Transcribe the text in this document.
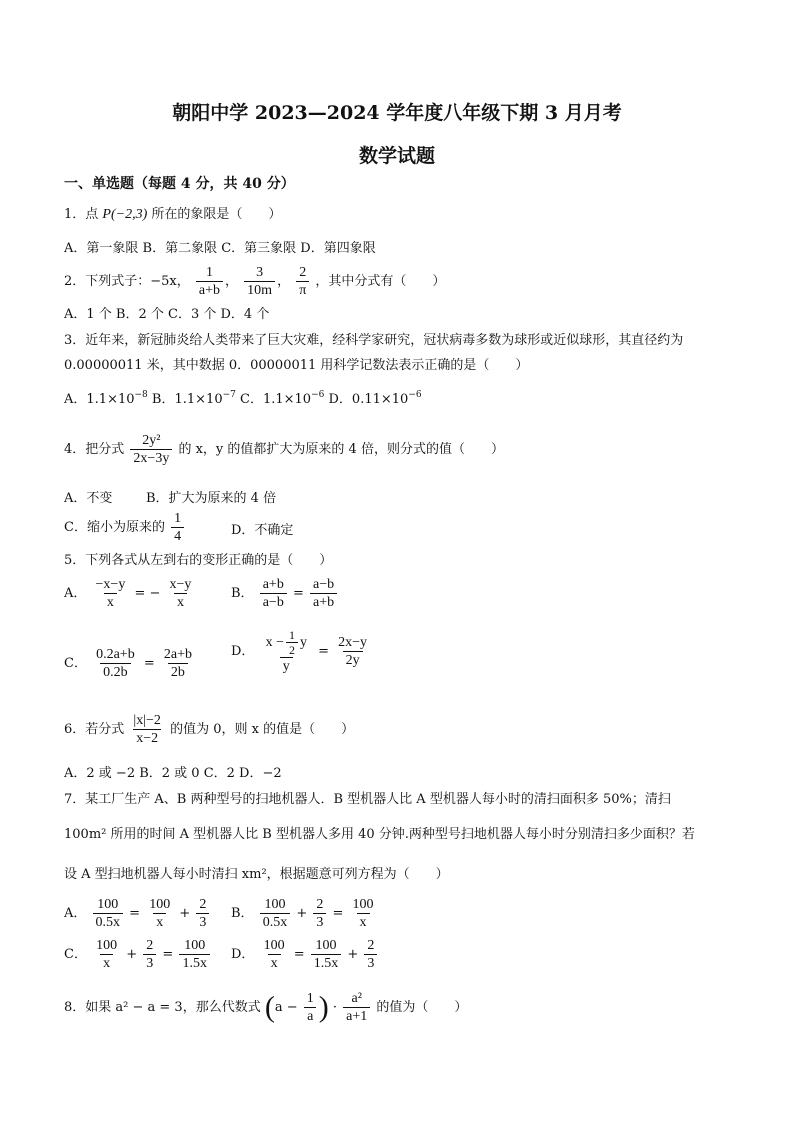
朝阳中学 2023—2024 学年度八年级下期 3 月月考
数学试题
一、单选题（每题 4 分，共 40 分）
1．点 P(−2,3) 所在的象限是（　　）
A．第一象限 B．第二象限 C．第三象限 D．第四象限
2．下列式子：−5x， $\frac{1}{a+b}$ ， $\frac{3}{10m}$ ， $\frac{2}{\pi}$ ，其中分式有（　　）
A．1 个 B．2 个 C．3 个 D．4 个
3．近年来，新冠肺炎给人类带来了巨大灾难，经科学家研究，冠状病毒多数为球形或近似球形，其直径约为
0.00000011 米，其中数据 0．00000011 用科学记数法表示正确的是（　　）
A．$1.1\times 10^{-8}$ B．$1.1\times 10^{-7}$ C．$1.1\times 10^{-6}$ D．$0.11\times 10^{-6}$
4．把分式 $\frac{\text{2y²}}{2x-3y}$ 的 x，y 的值都扩大为原来的 4 倍，则分式的值（　　）
A．不变	B．扩大为原来的 4 倍
C．缩小为原来的 $\frac{1}{4}$	D．不确定
5．下列各式从左到右的变形正确的是（　　）
A． $\frac{-x-y}{x}$ = − $\frac{x-y}{x}$	B． $\frac{a+b}{a-b} = \frac{a-b}{a+b}$
C． $\frac{0.2a+b}{0.2b} = \frac{2a+b}{2b}$	D． $\frac{x - \frac{1}{2} y}{y} = \frac{2x-y}{2y}$
6．若分式 $\frac{|x|-2}{x-2}$ 的值为 0，则 x 的值是（　　）
A．2 或 −2 B．2 或 0 C．2 D．−2
7．某工厂生产 A、B 两种型号的扫地机器人．B 型机器人比 A 型机器人每小时的清扫面积多 50%；清扫
100m² 所用的时间 A 型机器人比 B 型机器人多用 40 分钟.两种型号扫地机器人每小时分别清扫多少面积？若
设 A 型扫地机器人每小时清扫 xm²，根据题意可列方程为（　　）
A． $\frac{100}{0.5x} = \frac{100}{x} + \frac{2}{3}$ B． $\frac{100}{0.5x} + \frac{2}{3} = \frac{100}{x}$
C． $\frac{100}{x} + \frac{2}{3} = \frac{100}{1.5x}$ D． $\frac{100}{x} = \frac{100}{1.5x} + \frac{2}{3}$
8．如果 a² − a = 3，那么代数式 ($a - \frac{1}{a}$ ) · $\frac{\text{a²}}{a+1}$ 的值为（　　）
